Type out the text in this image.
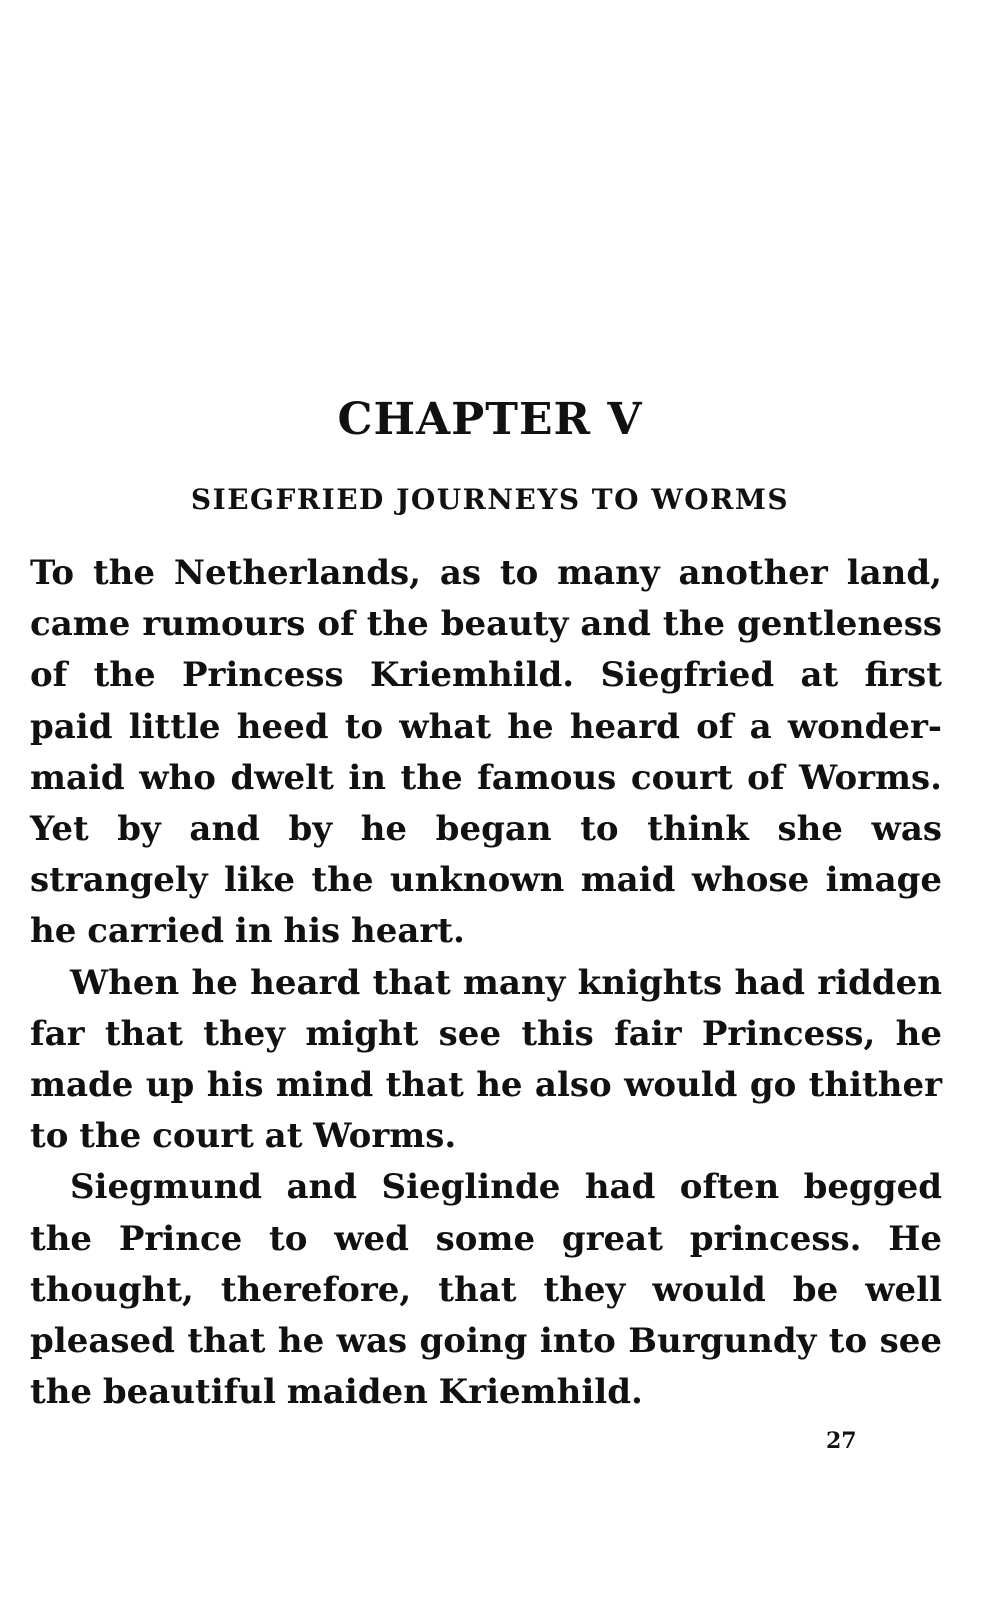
CHAPTER V
SIEGFRIED JOURNEYS TO WORMS

To the Netherlands, as to many another land, came rumours of the beauty and the gentleness of the Princess Kriemhild. Siegfried at first paid little heed to what he heard of a wonder-maid who dwelt in the famous court of Worms. Yet by and by he began to think she was strangely like the unknown maid whose image he carried in his heart.

When he heard that many knights had ridden far that they might see this fair Princess, he made up his mind that he also would go thither to the court at Worms.

Siegmund and Sieglinde had often begged the Prince to wed some great princess. He thought, therefore, that they would be well pleased that he was going into Burgundy to see the beautiful maiden Kriemhild.

27
